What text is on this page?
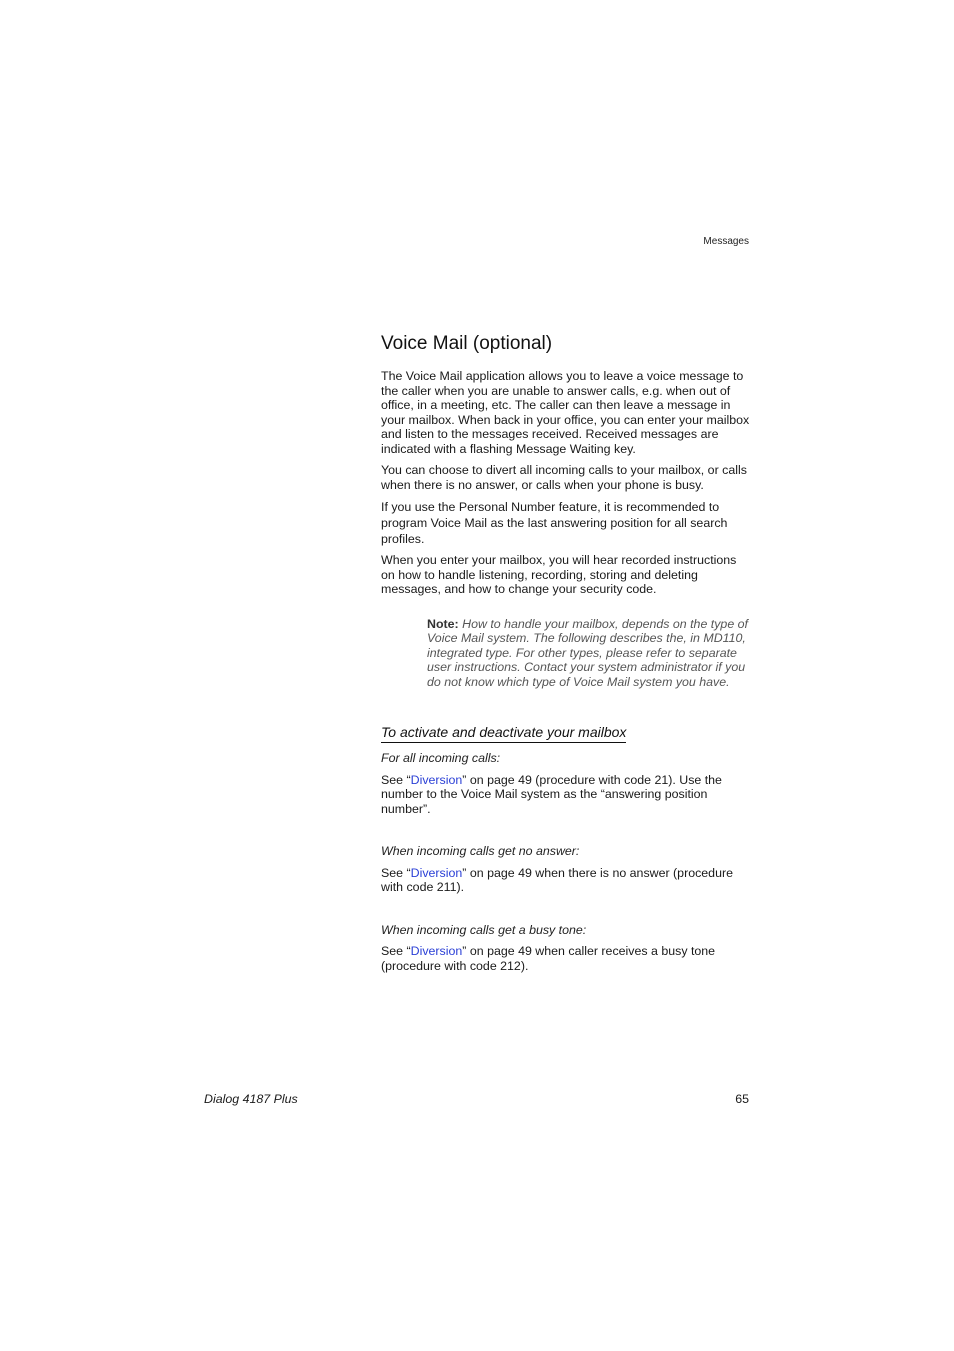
Messages
Voice Mail (optional)

The Voice Mail application allows you to leave a voice message to the caller when you are unable to answer calls, e.g. when out of office, in a meeting, etc. The caller can then leave a message in your mailbox. When back in your office, you can enter your mailbox and listen to the messages received. Received messages are indicated with a flashing Message Waiting key.

You can choose to divert all incoming calls to your mailbox, or calls when there is no answer, or calls when your phone is busy.

If you use the Personal Number feature, it is recommended to program Voice Mail as the last answering position for all search profiles.

When you enter your mailbox, you will hear recorded instructions on how to handle listening, recording, storing and deleting messages, and how to change your security code.

Note: How to handle your mailbox, depends on the type of Voice Mail system. The following describes the, in MD110, integrated type. For other types, please refer to separate user instructions. Contact your system administrator if you do not know which type of Voice Mail system you have.
To activate and deactivate your mailbox
For all incoming calls:

See “Diversion” on page 49 (procedure with code 21). Use the number to the Voice Mail system as the “answering position number”.

When incoming calls get no answer:

See “Diversion” on page 49 when there is no answer (procedure with code 211).

When incoming calls get a busy tone:

See “Diversion” on page 49 when caller receives a busy tone (procedure with code 212).

Dialog 4187 Plus	65
